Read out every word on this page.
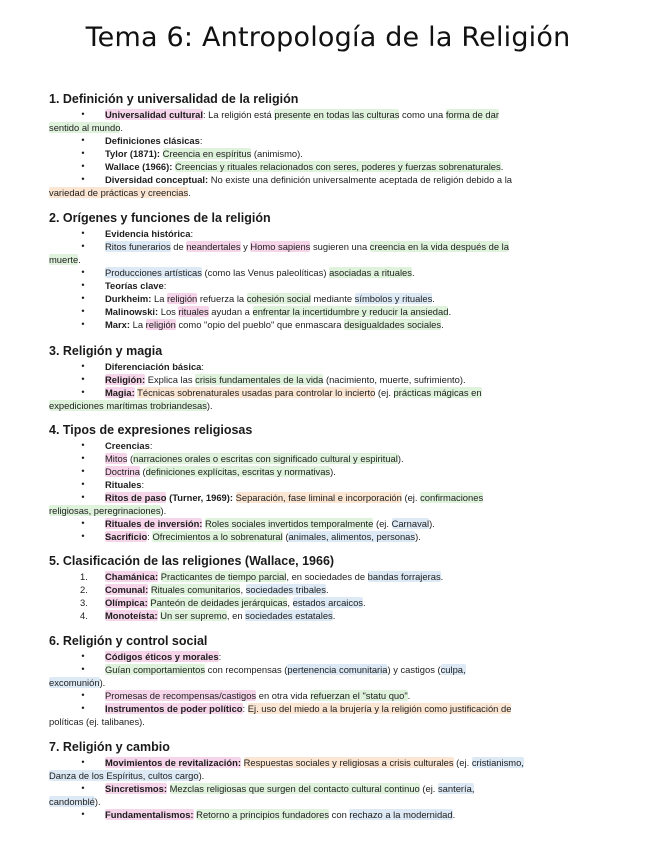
Tema 6: Antropología de la Religión
1. Definición y universalidad de la religión
•	Universalidad cultural: La religión está presente en todas las culturas como una forma de dar
sentido al mundo.
•	Definiciones clásicas:
•	Tylor (1871): Creencia en espíritus (animismo).
•	Wallace (1966): Creencias y rituales relacionados con seres, poderes y fuerzas sobrenaturales.
•	Diversidad conceptual: No existe una definición universalmente aceptada de religión debido a la
variedad de prácticas y creencias.
2. Orígenes y funciones de la religión
•	Evidencia histórica:
•	Ritos funerarios de neandertales y Homo sapiens sugieren una creencia en la vida después de la
muerte.
•	Producciones artísticas (como las Venus paleolíticas) asociadas a rituales.
•	Teorías clave:
•	Durkheim: La religión refuerza la cohesión social mediante símbolos y rituales.
•	Malinowski: Los rituales ayudan a enfrentar la incertidumbre y reducir la ansiedad.
•	Marx: La religión como "opio del pueblo" que enmascara desigualdades sociales.
3. Religión y magia
•	Diferenciación básica:
•	Religión: Explica las crisis fundamentales de la vida (nacimiento, muerte, sufrimiento).
•	Magia: Técnicas sobrenaturales usadas para controlar lo incierto (ej. prácticas mágicas en
expediciones marítimas trobriandesas).
4. Tipos de expresiones religiosas
•	Creencias:
•	Mitos (narraciones orales o escritas con significado cultural y espiritual).
•	Doctrina (definiciones explícitas, escritas y normativas).
•	Rituales:
•	Ritos de paso (Turner, 1969): Separación, fase liminal e incorporación (ej. confirmaciones
religiosas, peregrinaciones).
•	Rituales de inversión: Roles sociales invertidos temporalmente (ej. Carnaval).
•	Sacrificio: Ofrecimientos a lo sobrenatural (animales, alimentos, personas).
5. Clasificación de las religiones (Wallace, 1966)
1.	Chamánica: Practicantes de tiempo parcial, en sociedades de bandas forrajeras.
2.	Comunal: Rituales comunitarios, sociedades tribales.
3.	Olímpica: Panteón de deidades jerárquicas, estados arcaicos.
4.	Monoteísta: Un ser supremo, en sociedades estatales.
6. Religión y control social
•	Códigos éticos y morales:
•	Guían comportamientos con recompensas (pertenencia comunitaria) y castigos (culpa,
excomunión).
•	Promesas de recompensas/castigos en otra vida refuerzan el "statu quo".
•	Instrumentos de poder político: Ej. uso del miedo a la brujería y la religión como justificación de
políticas (ej. talibanes).
7. Religión y cambio
•	Movimientos de revitalización: Respuestas sociales y religiosas a crisis culturales (ej. cristianismo,
Danza de los Espíritus, cultos cargo).
•	Sincretismos: Mezclas religiosas que surgen del contacto cultural continuo (ej. santería,
candomblé).
•	Fundamentalismos: Retorno a principios fundadores con rechazo a la modernidad.
